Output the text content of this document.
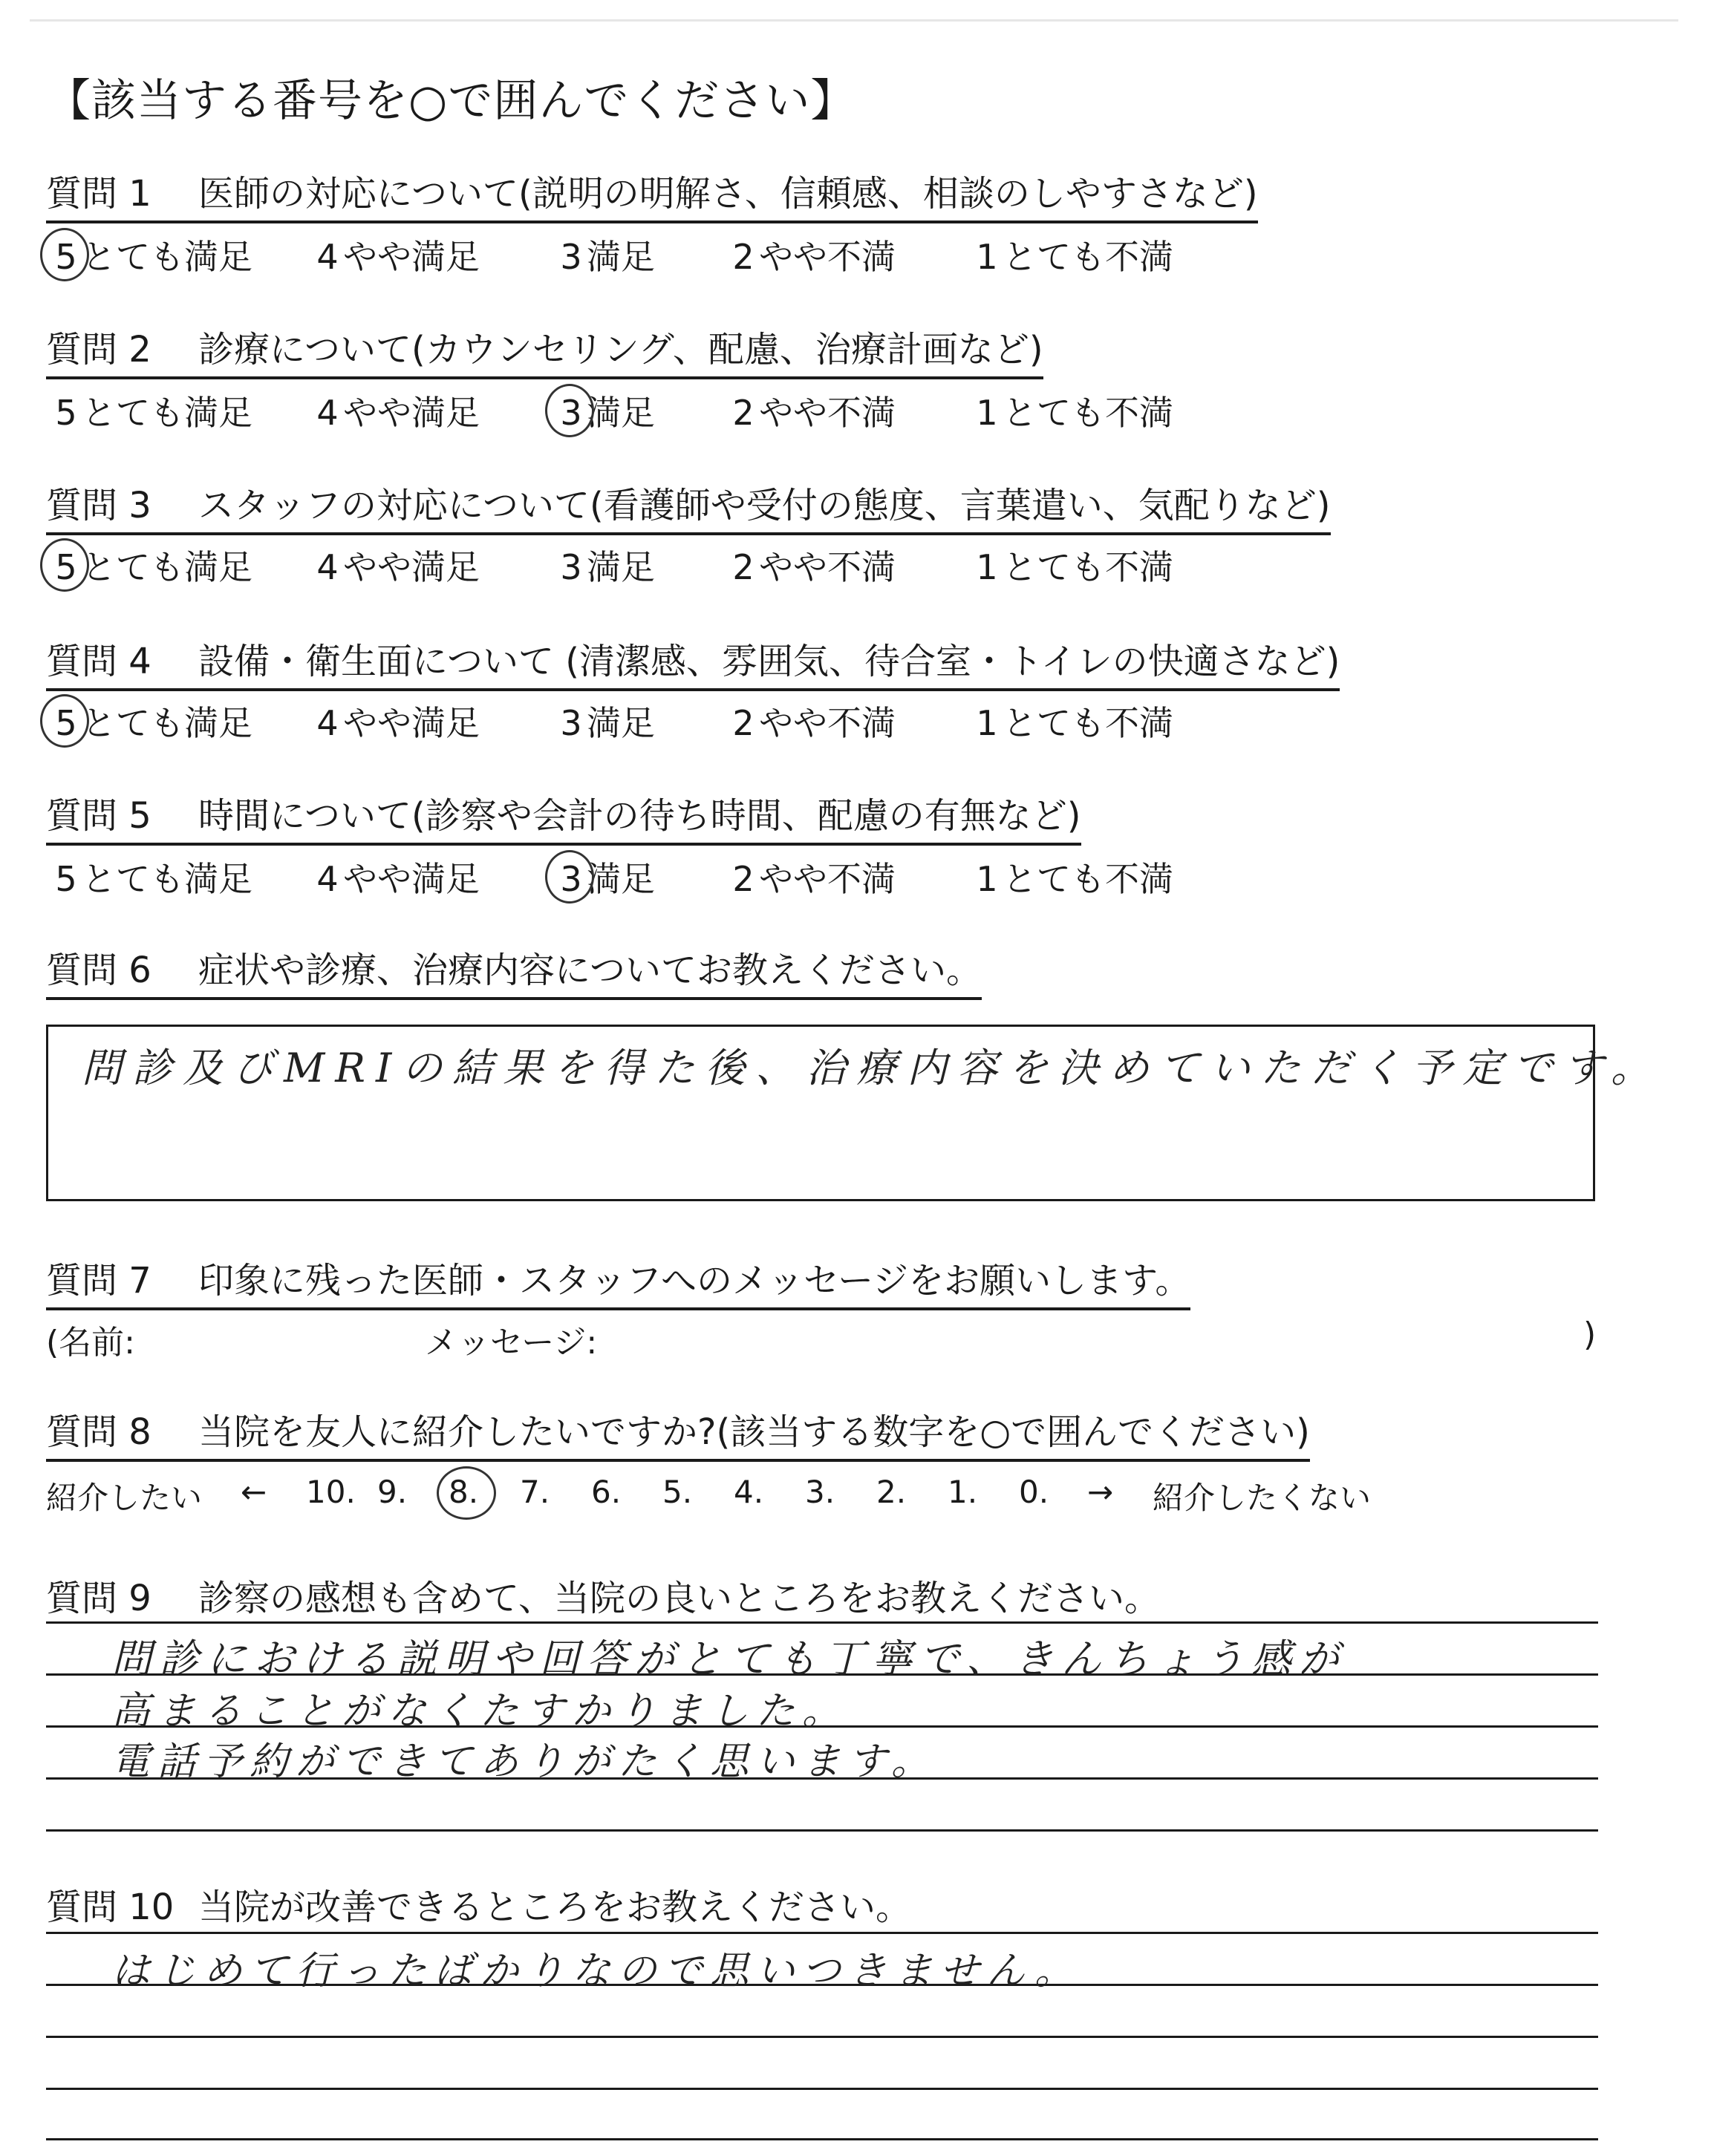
【該当する番号を○で囲んでください】
質問 1 医師の対応について(説明の明解さ、信頼感、相談のしやすさなど)
5 とても満足 4 やや満足 3 満足 2 やや不満 1 とても不満
質問 2 診療について(カウンセリング、配慮、治療計画など)
5 とても満足 4 やや満足 3 満足 2 やや不満 1 とても不満
質問 3 スタッフの対応について(看護師や受付の態度、言葉遣い、気配りなど)
5 とても満足 4 やや満足 3 満足 2 やや不満 1 とても不満
質問 4 設備・衛生面について (清潔感、雰囲気、待合室・トイレの快適さなど)
5 とても満足 4 やや満足 3 満足 2 やや不満 1 とても不満
質問 5 時間について(診察や会計の待ち時間、配慮の有無など)
5 とても満足 4 やや満足 3 満足 2 やや不満 1 とても不満
質問 6 症状や診療、治療内容についてお教えください。
問診及びMRIの結果を得た後、治療内容を決めていただく予定です。
質問 7 印象に残った医師・スタッフへのメッセージをお願いします。
(名前:	メッセージ:	)
質問 8 当院を友人に紹介したいですか?(該当する数字を○で囲んでください)
紹介したい ←	→ 紹介したくない
10. 9. 8. 7. 6. 5. 4. 3. 2. 1. 0.
質問 9 診察の感想も含めて、当院の良いところをお教えください。
問診における説明や回答がとても丁寧で、きんちょう感が
高まることがなくたすかりました。
電話予約ができてありがたく思います。
質問 10 当院が改善できるところをお教えください。
はじめて行ったばかりなので思いつきません。
